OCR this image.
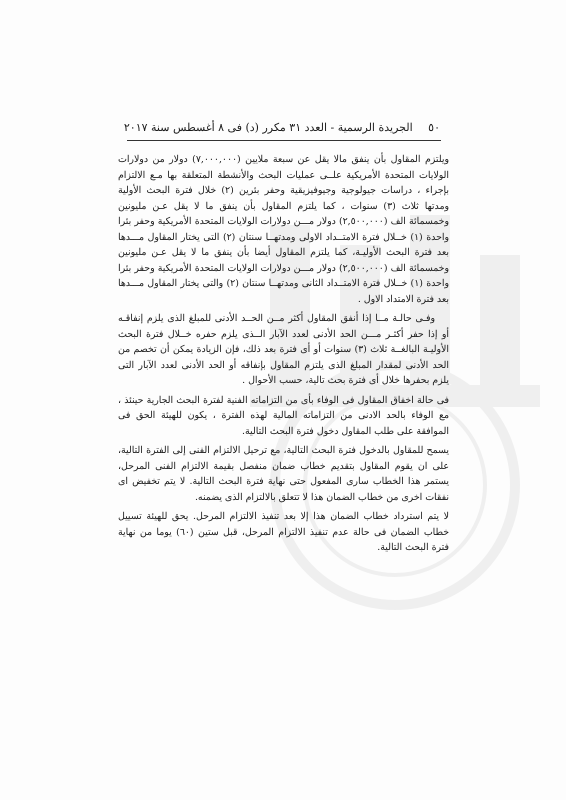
٥٠ الجريدة الرسمية - العدد ٣١ مكرر (د) فى ٨ أغسطس سنة ٢٠١٧

ويلتزم المقاول بأن ينفق مالا يقل عن سبعة ملايين (٧,٠٠٠,٠٠٠) دولار من دولارات الولايات المتحدة الأمريكية علــى عمليات البحث والأنشطة المتعلقة بها مـع الالتزام بإجراء ، دراسات جيولوجية وجيوفيزيقية وحفر بئرين (٢) خلال فترة البحث الأولية ومدتها ثلاث (٣) سنوات ، كما يلتزم المقاول بأن ينفق ما لا يقل عـن مليونين وخمسمائة الف (٢,٥٠٠,٠٠٠) دولار مـــن دولارات الولايات المتحدة الأمريكية وحفر بئرا واحدة (١) خــلال فترة الامتــداد الاولى ومدتهــا سنتان (٢) التى يختار المقاول مـــدها بعد فترة البحث الأوليـة، كما يلتزم المقاول أيضا بأن ينفق ما لا يقل عـن مليونين وخمسمائة الف (٢,٥٠٠,٠٠٠) دولار مـــن دولارات الولايات المتحدة الأمريكية وحفر بئرا واحدة (١) خــلال فترة الامتــداد الثانى ومدتهــا سنتان (٢) والتى يختار المقاول مـــدها بعد فترة الامتداد الاول .

وفـى حالـة مــا إذا أنفق المقاول أكثر مــن الحــد الأدنى للمبلغ الذى يلزم إنفاقـه أو إذا حفر أكثـر مـــن الحد الأدنى لعدد الآبار الــذى يلزم حفره خــلال فترة البحث الأوليـة البالغــة ثلاث (٣) سنوات أو أى فترة بعد ذلك، فإن الزيادة يمكن أن تخصم من الحد الأدنى لمقدار المبلغ الذى يلتزم المقاول بإنفاقه أو الحد الأدنى لعدد الآبار التى يلزم بحفرها خلال أى فترة بحث تالية، حسب الأحوال .

فى حالة اخفاق المقاول فى الوفاء بأى من التزاماته الفنية لفترة البحث الجارية حينئذ ، مع الوفاء بالحد الادنى من التزاماته المالية لهذه الفترة ، يكون للهيئة الحق فى الموافقة على طلب المقاول دخول فترة البحث التالية.

يسمح للمقاول بالدخول فترة البحث التالية، مع ترحيل الالتزام الفنى إلى الفترة التالية، على ان يقوم المقاول بتقديم خطاب ضمان منفصل بقيمة الالتزام الفنى المرحل، يستمر هذا الخطاب سارى المفعول حتى نهاية فترة البحث التالية. لا يتم تخفيض اى نفقات اخرى من خطاب الضمان هذا لا تتعلق بالالتزام الذى يضمنه.

لا يتم استرداد خطاب الضمان هذا إلا بعد تنفيذ الالتزام المرحل. يحق للهيئة تسييل خطاب الضمان فى حالة عدم تنفيذ الالتزام المرحل، قبل ستين (٦٠) يوما من نهاية فترة البحث التالية.
